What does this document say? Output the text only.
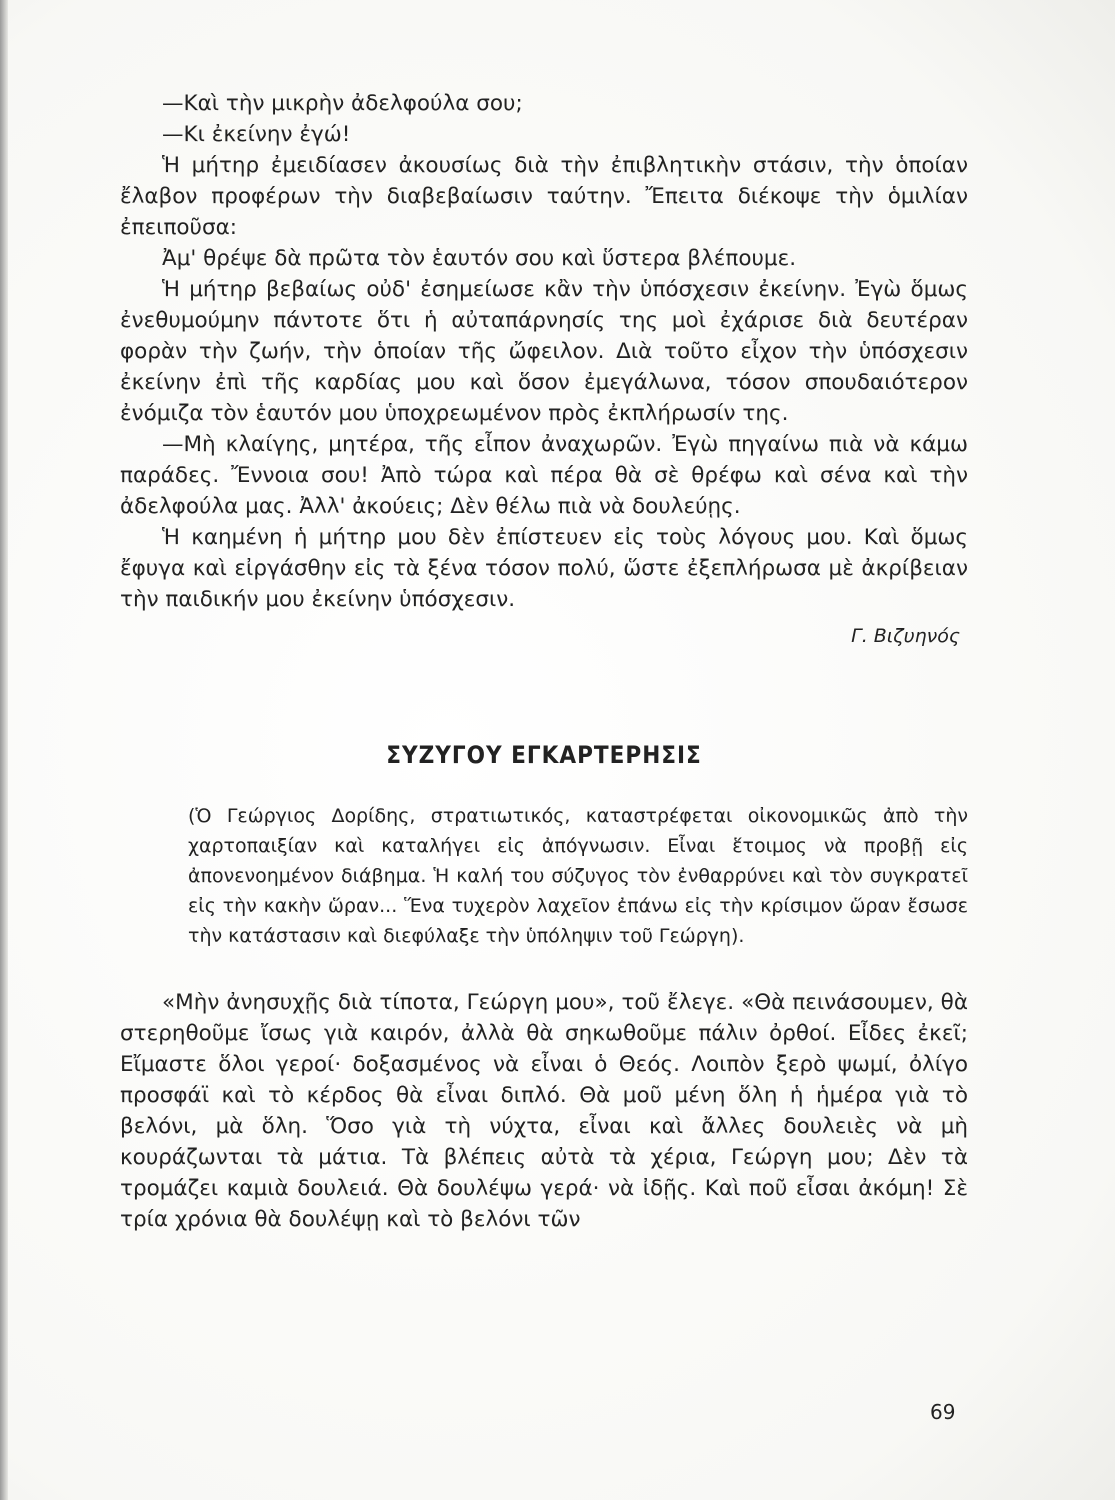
—Καὶ τὴν μικρὴν ἀδελφούλα σου;

—Κι ἐκείνην ἐγώ!

Ἡ μήτηρ ἐμειδίασεν ἀκουσίως διὰ τὴν ἐπιβλητικὴν στάσιν, τὴν ὁποίαν ἔλαβον προφέρων τὴν διαβεβαίωσιν ταύτην. Ἔπειτα διέκοψε τὴν ὁμιλίαν ἐπειποῦσα:

Ἀμ' θρέψε δὰ πρῶτα τὸν ἑαυτόν σου καὶ ὕστερα βλέπουμε.

Ἡ μήτηρ βεβαίως οὐδ' ἐσημείωσε κἂν τὴν ὑπόσχεσιν ἐκείνην. Ἐγὼ ὅμως ἐνεθυμούμην πάντοτε ὅτι ἡ αὐταπάρνησίς της μοὶ ἐχάρισε διὰ δευτέραν φορὰν τὴν ζωήν, τὴν ὁποίαν τῆς ὤφειλον. Διὰ τοῦτο εἶχον τὴν ὑπόσχεσιν ἐκείνην ἐπὶ τῆς καρδίας μου καὶ ὅσον ἐμεγάλωνα, τόσον σπουδαιότερον ἐνόμιζα τὸν ἑαυτόν μου ὑποχρεωμένον πρὸς ἐκπλήρωσίν της.

—Μὴ κλαίγης, μητέρα, τῆς εἶπον ἀναχωρῶν. Ἐγὼ πηγαίνω πιὰ νὰ κάμω παράδες. Ἔννοια σου! Ἀπὸ τώρα καὶ πέρα θὰ σὲ θρέφω καὶ σένα καὶ τὴν ἀδελφούλα μας. Ἀλλ' ἀκούεις; Δὲν θέλω πιὰ νὰ δουλεύῃς.

Ἡ καημένη ἡ μήτηρ μου δὲν ἐπίστευεν εἰς τοὺς λόγους μου. Καὶ ὅμως ἔφυγα καὶ εἰργάσθην εἰς τὰ ξένα τόσον πολύ, ὥστε ἐξεπλήρωσα μὲ ἀκρίβειαν τὴν παιδικήν μου ἐκείνην ὑπόσχεσιν.

Γ. Βιζυηνός
ΣΥΖΥΓΟΥ ΕΓΚΑΡΤΕΡΗΣΙΣ

(Ὁ Γεώργιος Δορίδης, στρατιωτικός, καταστρέφεται οἰκονομικῶς ἀπὸ τὴν χαρτοπαιξίαν καὶ καταλήγει εἰς ἀπόγνωσιν. Εἶναι ἕτοιμος νὰ προβῇ εἰς ἀπονενοημένον διάβημα. Ἡ καλή του σύζυγος τὸν ἐνθαρρύνει καὶ τὸν συγκρατεῖ εἰς τὴν κακὴν ὥραν... Ἕνα τυχερὸν λαχεῖον ἐπάνω εἰς τὴν κρίσιμον ὥραν ἔσωσε τὴν κατάστασιν καὶ διεφύλαξε τὴν ὑπόληψιν τοῦ Γεώργη).

«Μὴν ἀνησυχῇς διὰ τίποτα, Γεώργη μου», τοῦ ἔλεγε. «Θὰ πεινάσουμεν, θὰ στερηθοῦμε ἴσως γιὰ καιρόν, ἀλλὰ θὰ σηκωθοῦμε πάλιν ὀρθοί. Εἶδες ἐκεῖ; Εἴμαστε ὅλοι γεροί· δοξασμένος νὰ εἶναι ὁ Θεός. Λοιπὸν ξερὸ ψωμί, ὀλίγο προσφάϊ καὶ τὸ κέρδος θὰ εἶναι διπλό. Θὰ μοῦ μένη ὅλη ἡ ἡμέρα γιὰ τὸ βελόνι, μὰ ὅλη. Ὅσο γιὰ τὴ νύχτα, εἶναι καὶ ἄλλες δουλειὲς νὰ μὴ κουράζωνται τὰ μάτια. Τὰ βλέπεις αὐτὰ τὰ χέρια, Γεώργη μου; Δὲν τὰ τρομάζει καμιὰ δουλειά. Θὰ δουλέψω γερά· νὰ ἰδῇς. Καὶ ποῦ εἶσαι ἀκόμη! Σὲ τρία χρόνια θὰ δουλέψῃ καὶ τὸ βελόνι τῶν

69
